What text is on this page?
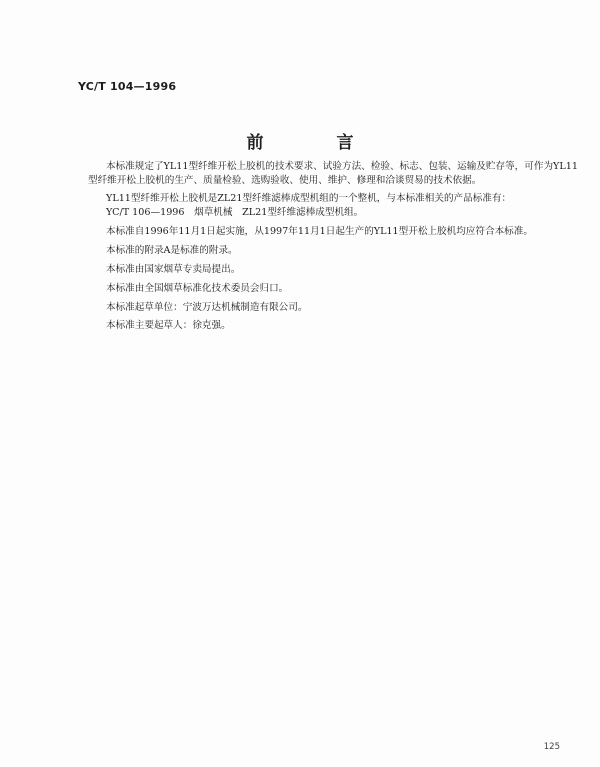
YC/T 104—1996
前　言

本标准规定了YL11型纤维开松上胶机的技术要求、试验方法、检验、标志、包装、运输及贮存等，可作为YL11型纤维开松上胶机的生产、质量检验、选购验收、使用、维护、修理和洽谈贸易的技术依据。

YL11型纤维开松上胶机是ZL21型纤维滤棒成型机组的一个整机，与本标准相关的产品标准有：

YC/T 106—1996　烟草机械　ZL21型纤维滤棒成型机组。

本标准自1996年11月1日起实施，从1997年11月1日起生产的YL11型开松上胶机均应符合本标准。

本标准的附录A是标准的附录。

本标准由国家烟草专卖局提出。

本标准由全国烟草标准化技术委员会归口。

本标准起草单位：宁波万达机械制造有限公司。

本标准主要起草人：徐克强。

125
